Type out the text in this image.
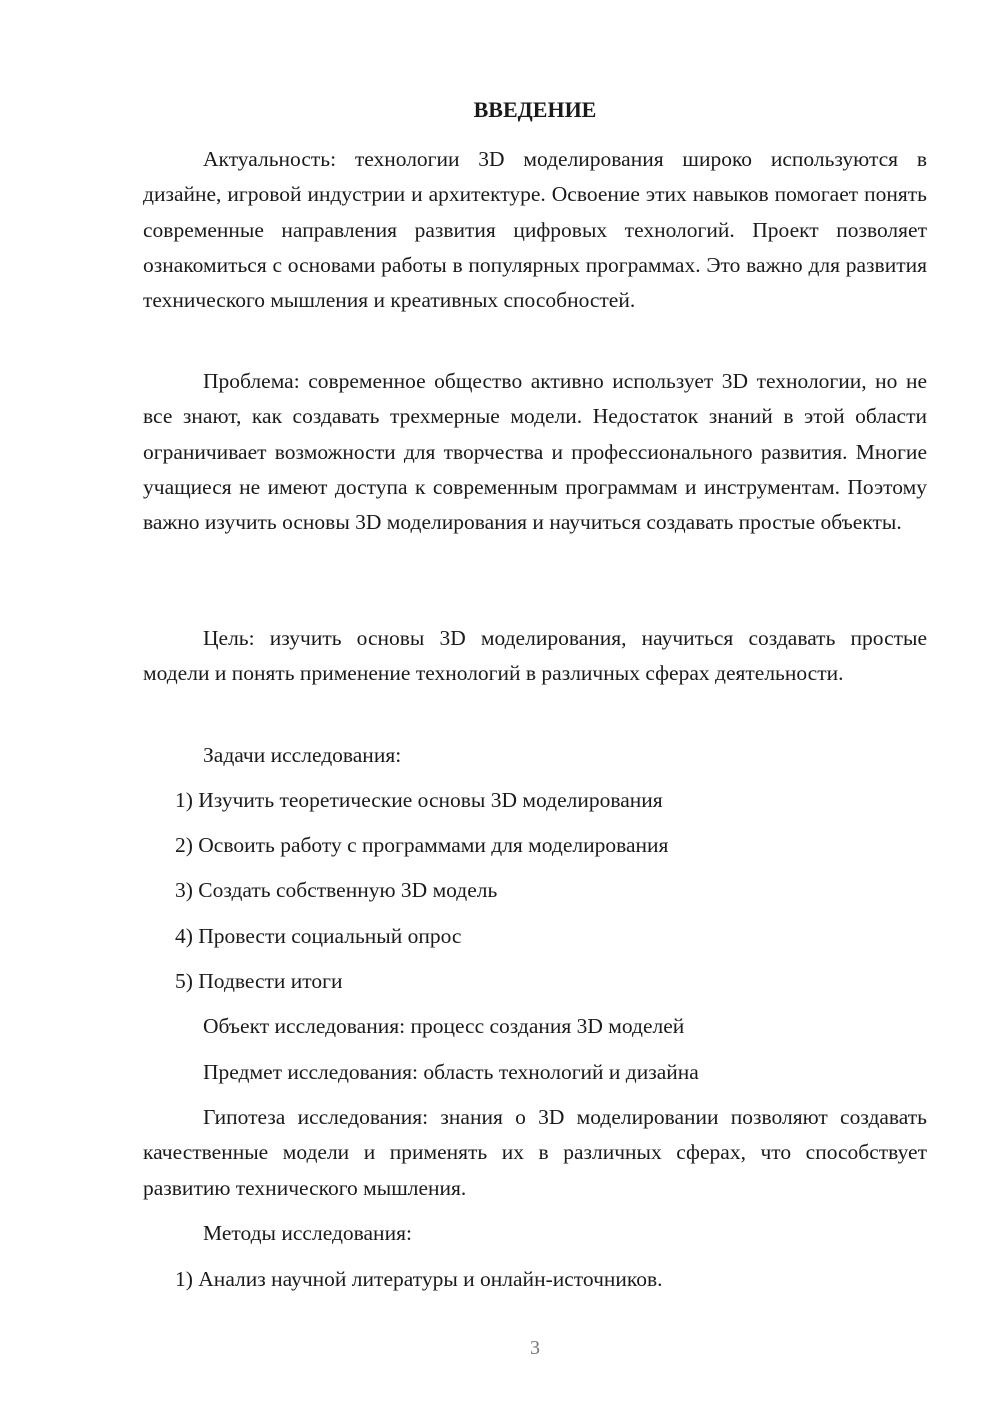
ВВЕДЕНИЕ

Актуальность: технологии 3D моделирования широко используются в дизайне, игровой индустрии и архитектуре. Освоение этих навыков помогает понять современные направления развития цифровых технологий. Проект позволяет ознакомиться с основами работы в популярных программах. Это важно для развития технического мышления и креативных способностей.

Проблема: современное общество активно использует 3D технологии, но не все знают, как создавать трехмерные модели. Недостаток знаний в этой области ограничивает возможности для творчества и профессионального развития. Многие учащиеся не имеют доступа к современным программам и инструментам. Поэтому важно изучить основы 3D моделирования и научиться создавать простые объекты.

Цель: изучить основы 3D моделирования, научиться создавать простые модели и понять применение технологий в различных сферах деятельности.

Задачи исследования:

1) Изучить теоретические основы 3D моделирования

2) Освоить работу с программами для моделирования

3) Создать собственную 3D модель

4) Провести социальный опрос

5) Подвести итоги

Объект исследования: процесс создания 3D моделей

Предмет исследования: область технологий и дизайна

Гипотеза исследования: знания о 3D моделировании позволяют создавать качественные модели и применять их в различных сферах, что способствует развитию технического мышления.

Методы исследования:

1) Анализ научной литературы и онлайн-источников.

3
